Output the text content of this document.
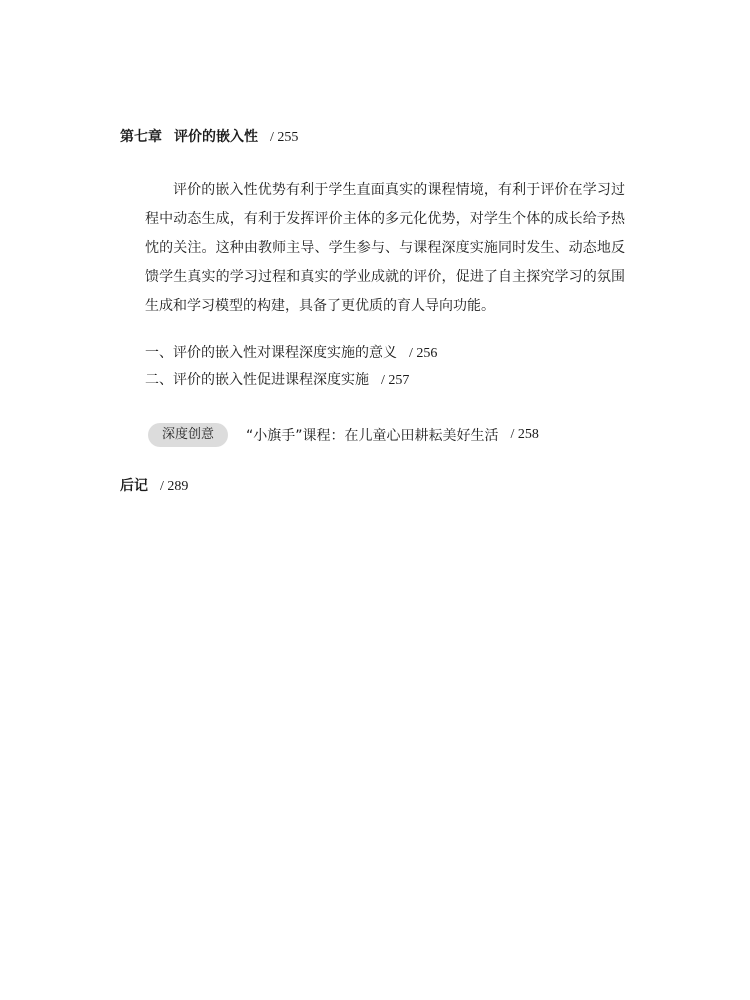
第七章 评价的嵌入性 / 255

评价的嵌入性优势有利于学生直面真实的课程情境，有利于评价在学习过程中动态生成，有利于发挥评价主体的多元化优势，对学生个体的成长给予热忱的关注。这种由教师主导、学生参与、与课程深度实施同时发生、动态地反馈学生真实的学习过程和真实的学业成就的评价，促进了自主探究学习的氛围生成和学习模型的构建，具备了更优质的育人导向功能。

一、评价的嵌入性对课程深度实施的意义 / 256
二、评价的嵌入性促进课程深度实施 / 257
深度创意	“小旗手”课程：在儿童心田耕耘美好生活 / 258
后记 / 289
